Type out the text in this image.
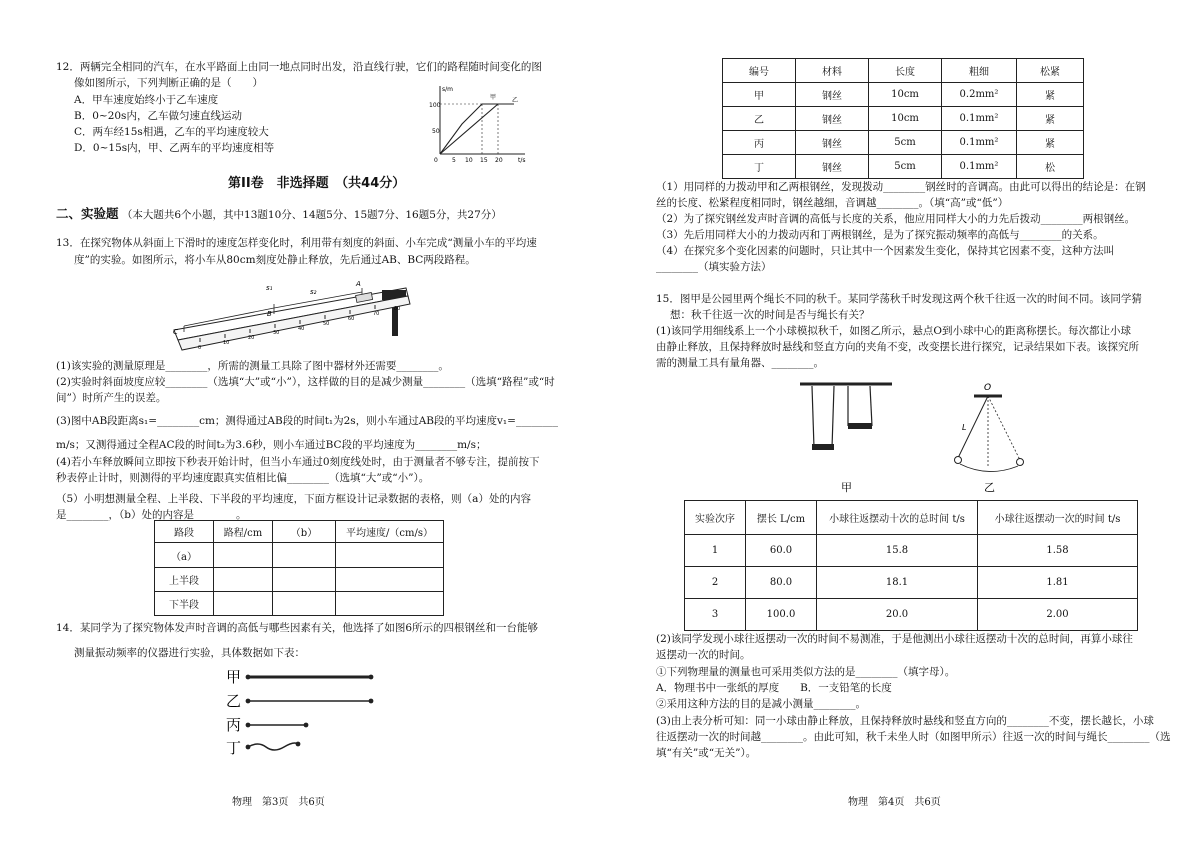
12．两辆完全相同的汽车，在水平路面上由同一地点同时出发，沿直线行驶，它们的路程随时间变化的图
像如图所示，下列判断正确的是（　　）
A．甲车速度始终小于乙车速度
B．0~20s内，乙车做匀速直线运动
C．两车经15s相遇，乙车的平均速度较大
D．0~15s内，甲、乙两车的平均速度相等
s/m
t/s
100
50
0 5 10 15 20
甲	乙
第II卷　非选择题　（共44分）
二、实验题 （本大题共6个小题，其中13题10分、14题5分、15题7分、16题5分，共27分）
13．在探究物体从斜面上下滑时的速度怎样变化时，利用带有刻度的斜面、小车完成“测量小车的平均速
度”的实验。如图所示，将小车从80cm刻度处静止释放，先后通过AB、BC两段路程。
0
10
20
30
40
50
60
70
80
s₁	s₂
A
B
C
(1)该实验的测量原理是________，所需的测量工具除了图中器材外还需要________。
(2)实验时斜面坡度应较________（选填“大”或“小”），这样做的目的是减少测量________（选填“路程”或“时
间”）时所产生的误差。
(3)图中AB段距离s₁=________cm；测得通过AB段的时间t₁为2s，则小车通过AB段的平均速度v₁=________
m/s；又测得通过全程AC段的时间t₂为3.6秒，则小车通过BC段的平均速度为________m/s；
(4)若小车释放瞬间立即按下秒表开始计时，但当小车通过0刻度线处时，由于测量者不够专注，提前按下
秒表停止计时，则测得的平均速度跟真实值相比偏________（选填“大”或“小”）。
（5）小明想测量全程、上半段、下半段的平均速度，下面方框设计记录数据的表格，则（a）处的内容
是________，（b）处的内容是________。
路段	路程/cm	（b）	平均速度/（cm/s）
（a）			
上半段			
下半段			
14．某同学为了探究物体发声时音调的高低与哪些因素有关，他选择了如图6所示的四根钢丝和一台能够
测量振动频率的仪器进行实验，具体数据如下表：
甲
乙
丙
丁
物理　第3页　共6页
编号	材料	长度	粗细	松紧
甲	钢丝	10cm	0.2mm²	紧
乙	钢丝	10cm	0.1mm²	紧
丙	钢丝	5cm	0.1mm²	紧
丁	钢丝	5cm	0.1mm²	松
（1）用同样的力拨动甲和乙两根钢丝，发现拨动________钢丝时的音调高。由此可以得出的结论是：在钢
丝的长度、松紧程度相同时，钢丝越细，音调越________。（填“高”或“低”）
（2）为了探究钢丝发声时音调的高低与长度的关系，他应用同样大小的力先后拨动________两根钢丝。
（3）先后用同样大小的力拨动丙和丁两根钢丝，是为了探究振动频率的高低与________的关系。
（4）在探究多个变化因素的问题时，只让其中一个因素发生变化，保持其它因素不变，这种方法叫
________（填实验方法）
15．图甲是公园里两个绳长不同的秋千。某同学荡秋千时发现这两个秋千往返一次的时间不同。该同学猜
想：秋千往返一次的时间是否与绳长有关？
(1)该同学用细线系上一个小球模拟秋千，如图乙所示，悬点O到小球中心的距离称摆长。每次都让小球
由静止释放，且保持释放时悬线和竖直方向的夹角不变，改变摆长进行探究，记录结果如下表。该探究所
需的测量工具有量角器、________。
甲
O
L
乙
实验次序	摆长 L/cm	小球往返摆动十次的总时间 t/s	小球往返摆动一次的时间 t/s
1	60.0	15.8	1.58
2	80.0	18.1	1.81
3	100.0	20.0	2.00
(2)该同学发现小球往返摆动一次的时间不易测准，于是他测出小球往返摆动十次的总时间，再算小球往
返摆动一次的时间。
①下列物理量的测量也可采用类似方法的是________（填字母）。
A．物理书中一张纸的厚度　　B．一支铅笔的长度
②采用这种方法的目的是减小测量________。
(3)由上表分析可知：同一小球由静止释放，且保持释放时悬线和竖直方向的________不变，摆长越长，小球
往返摆动一次的时间越________。由此可知，秋千未坐人时（如图甲所示）往返一次的时间与绳长________（选
填“有关”或“无关”）。
物理　第4页　共6页
